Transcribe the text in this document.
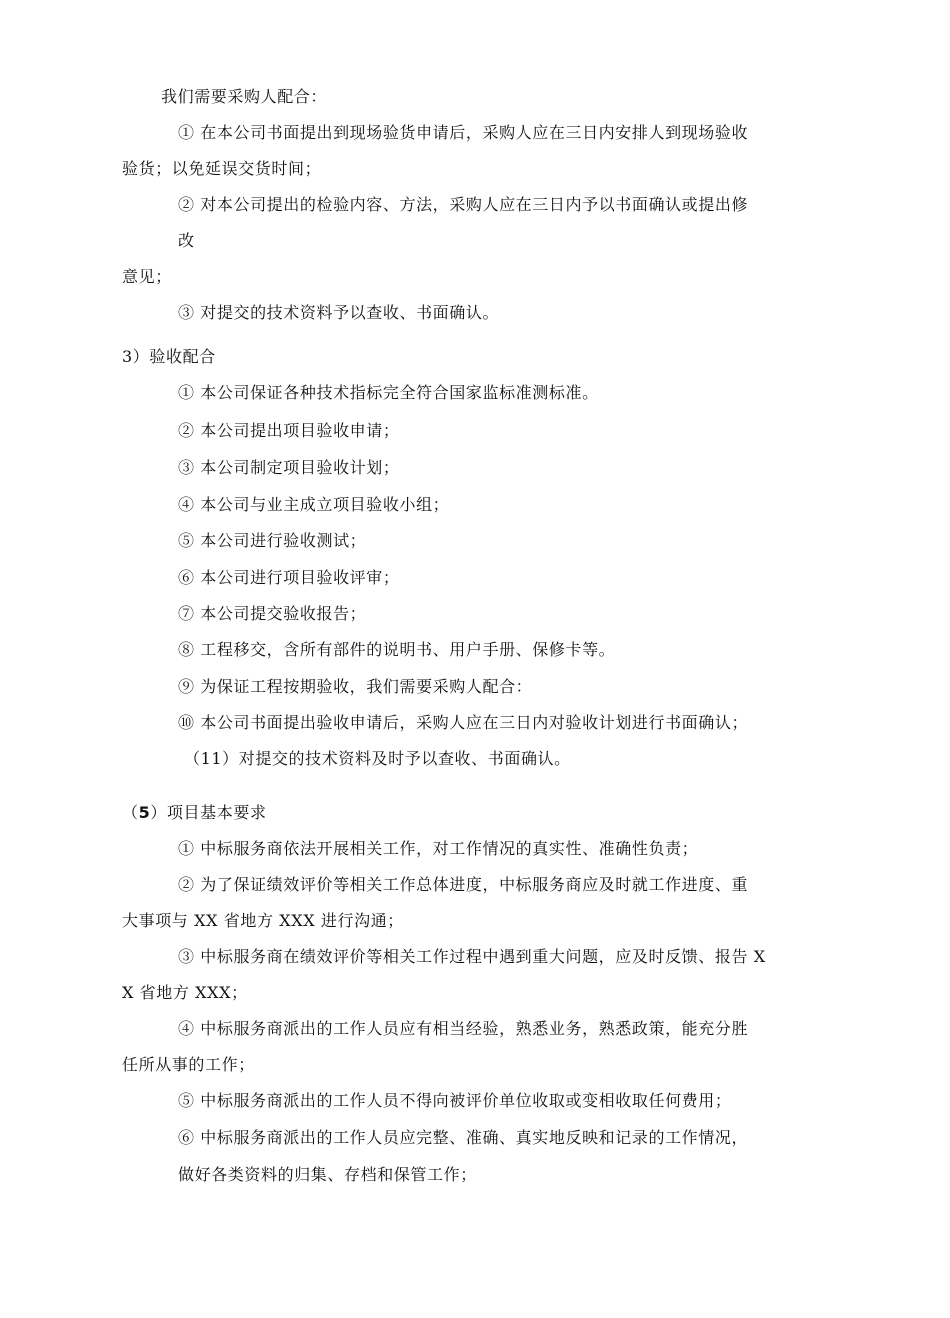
我们需要采购人配合：
① 在本公司书面提出到现场验货申请后，采购人应在三日内安排人到现场验收
验货；以免延误交货时间；
② 对本公司提出的检验内容、方法，采购人应在三日内予以书面确认或提出修
改
意见；
③ 对提交的技术资料予以查收、书面确认。
3）验收配合
① 本公司保证各种技术指标完全符合国家监标准测标准。
② 本公司提出项目验收申请；
③ 本公司制定项目验收计划；
④ 本公司与业主成立项目验收小组；
⑤ 本公司进行验收测试；
⑥ 本公司进行项目验收评审；
⑦ 本公司提交验收报告；
⑧ 工程移交，含所有部件的说明书、用户手册、保修卡等。
⑨ 为保证工程按期验收，我们需要采购人配合：
⑩ 本公司书面提出验收申请后，采购人应在三日内对验收计划进行书面确认；
（11）对提交的技术资料及时予以查收、书面确认。
（5）项目基本要求
① 中标服务商依法开展相关工作，对工作情况的真实性、准确性负责；
② 为了保证绩效评价等相关工作总体进度，中标服务商应及时就工作进度、重
大事项与 XX 省地方 XXX 进行沟通；
③ 中标服务商在绩效评价等相关工作过程中遇到重大问题，应及时反馈、报告 X
X 省地方 XXX；
④ 中标服务商派出的工作人员应有相当经验，熟悉业务，熟悉政策，能充分胜
任所从事的工作；
⑤ 中标服务商派出的工作人员不得向被评价单位收取或变相收取任何费用；
⑥ 中标服务商派出的工作人员应完整、准确、真实地反映和记录的工作情况，
做好各类资料的归集、存档和保管工作；
